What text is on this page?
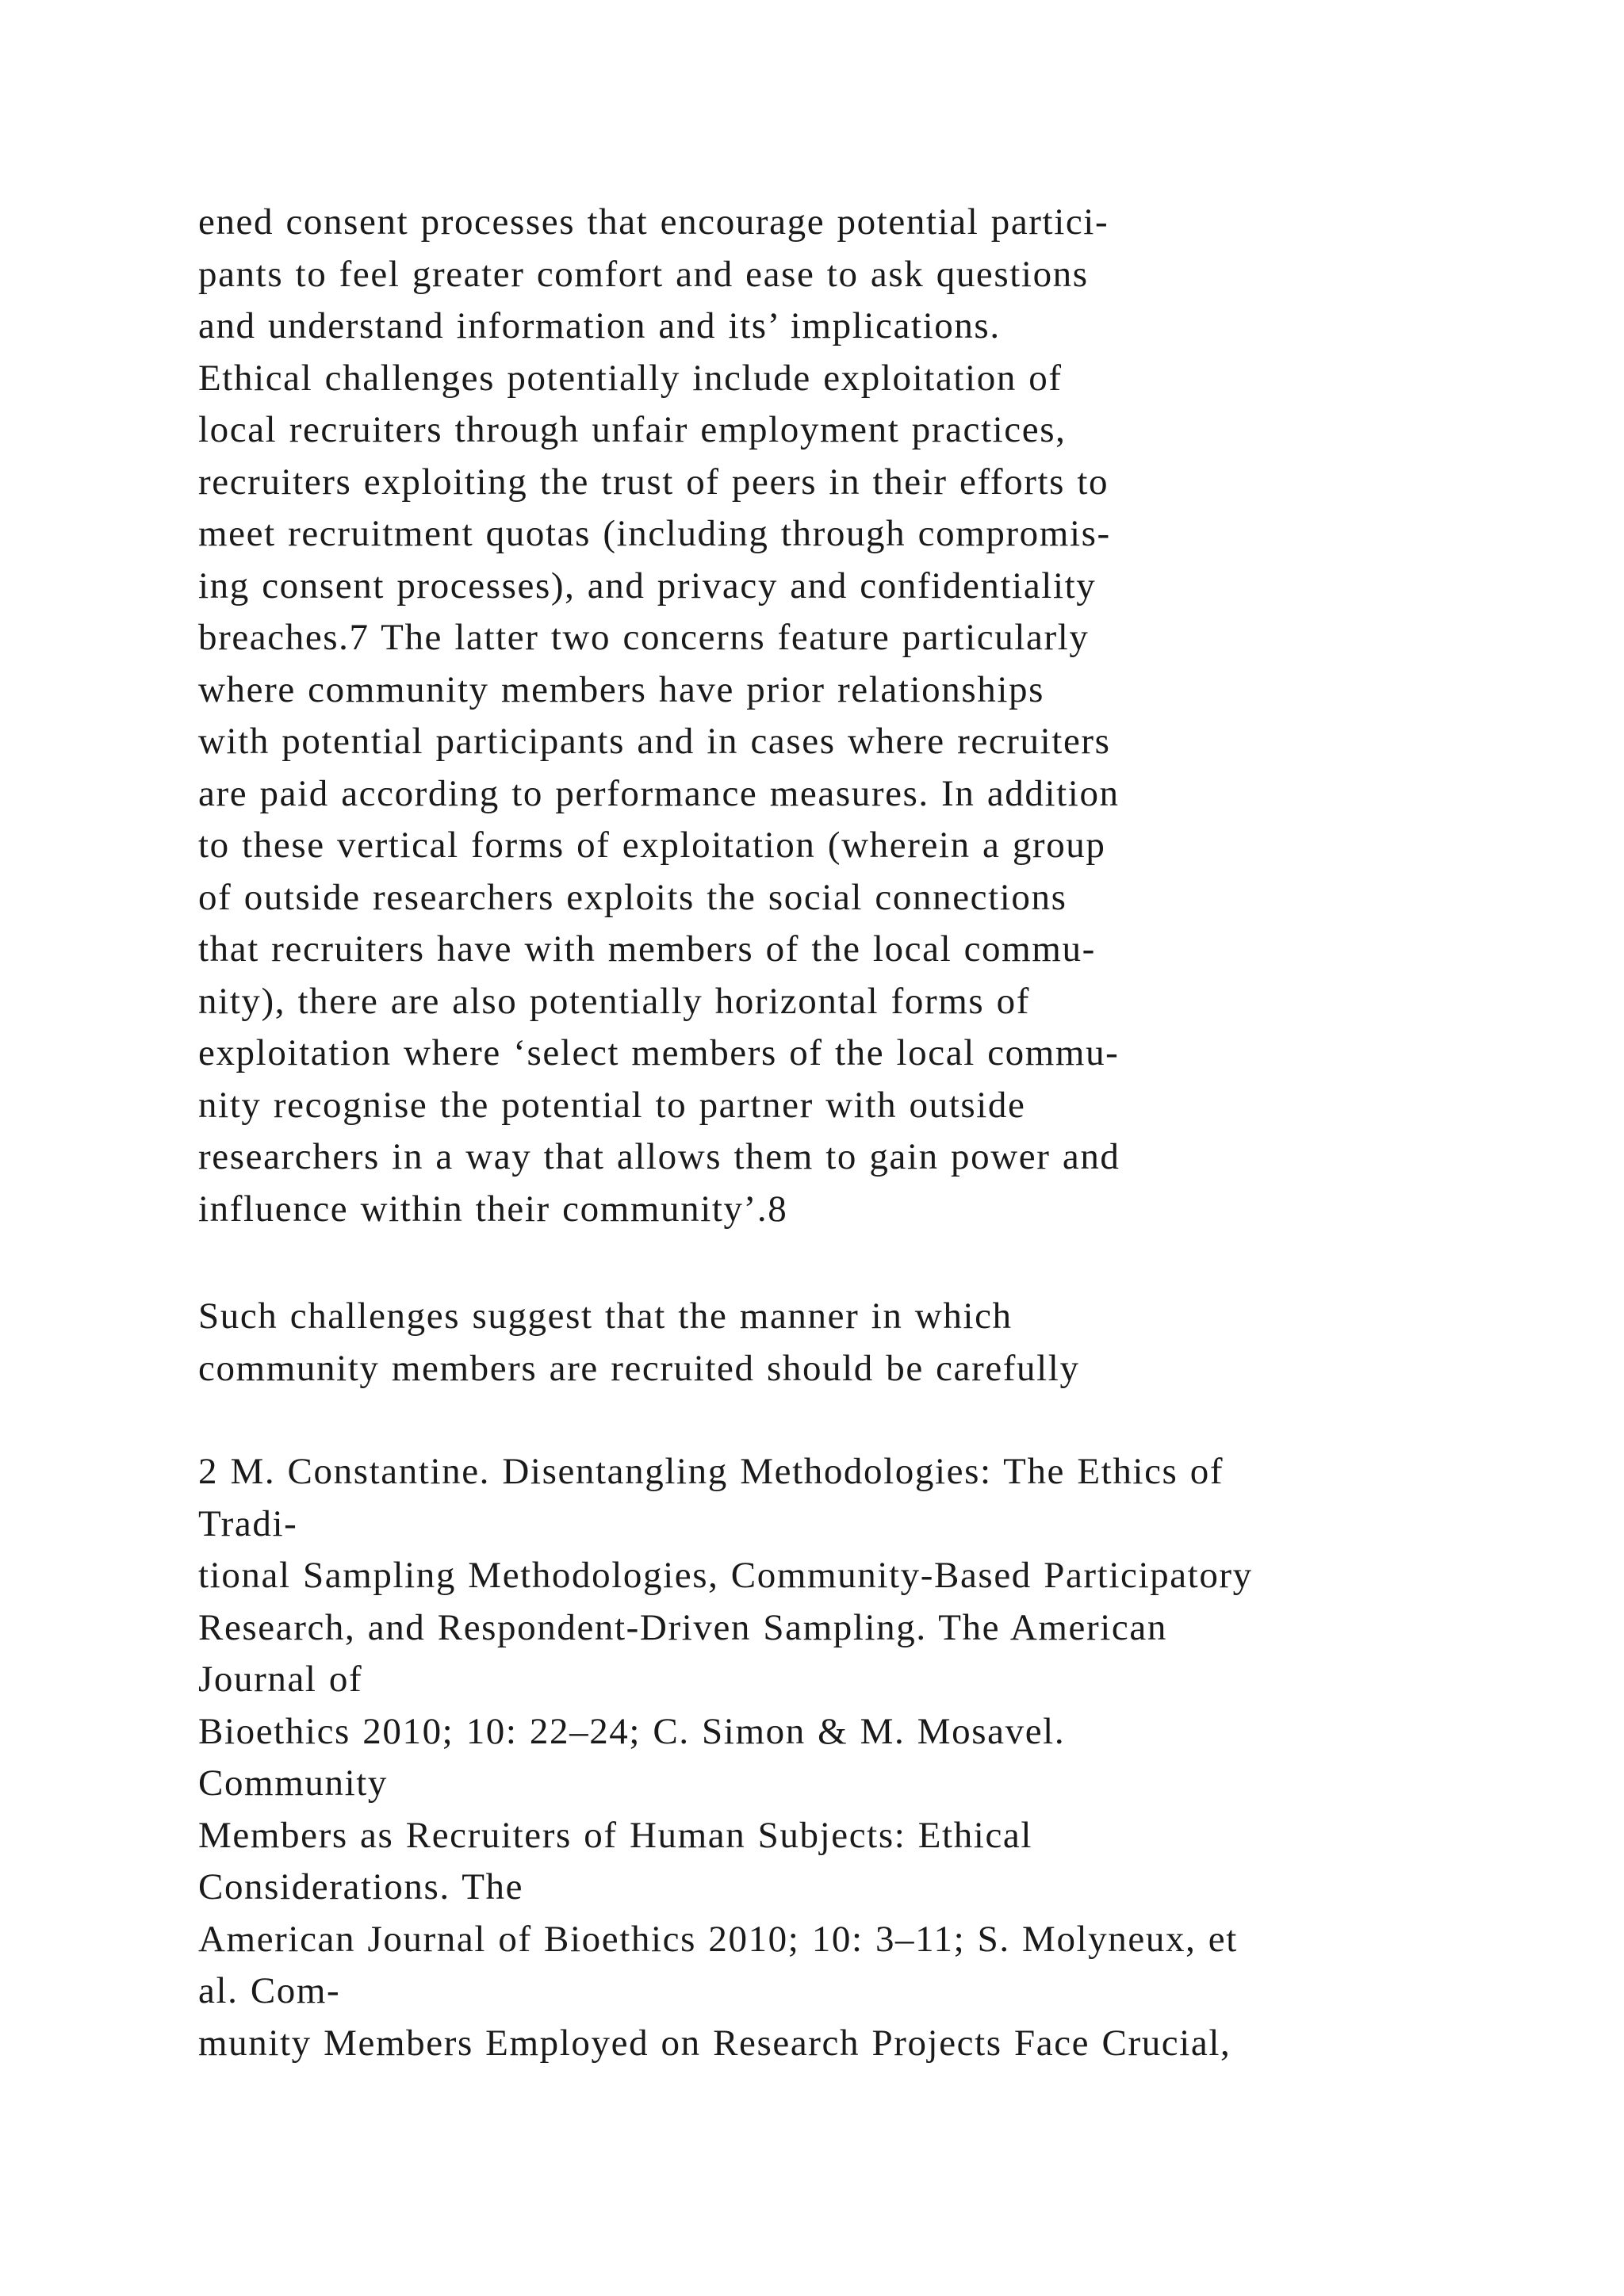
ened consent processes that encourage potential partici-
pants to feel greater comfort and ease to ask questions
and understand information and its’ implications.
Ethical challenges potentially include exploitation of
local recruiters through unfair employment practices,
recruiters exploiting the trust of peers in their efforts to
meet recruitment quotas (including through compromis-
ing consent processes), and privacy and confidentiality
breaches.7 The latter two concerns feature particularly
where community members have prior relationships
with potential participants and in cases where recruiters
are paid according to performance measures. In addition
to these vertical forms of exploitation (wherein a group
of outside researchers exploits the social connections
that recruiters have with members of the local commu-
nity), there are also potentially horizontal forms of
exploitation where ‘select members of the local commu-
nity recognise the potential to partner with outside
researchers in a way that allows them to gain power and
influence within their community’.8
Such challenges suggest that the manner in which
community members are recruited should be carefully
2 M. Constantine. Disentangling Methodologies: The Ethics of
Tradi-
tional Sampling Methodologies, Community-Based Participatory
Research, and Respondent-Driven Sampling. The American
Journal of
Bioethics 2010; 10: 22–24; C. Simon & M. Mosavel.
Community
Members as Recruiters of Human Subjects: Ethical
Considerations. The
American Journal of Bioethics 2010; 10: 3–11; S. Molyneux, et
al. Com-
munity Members Employed on Research Projects Face Crucial,
